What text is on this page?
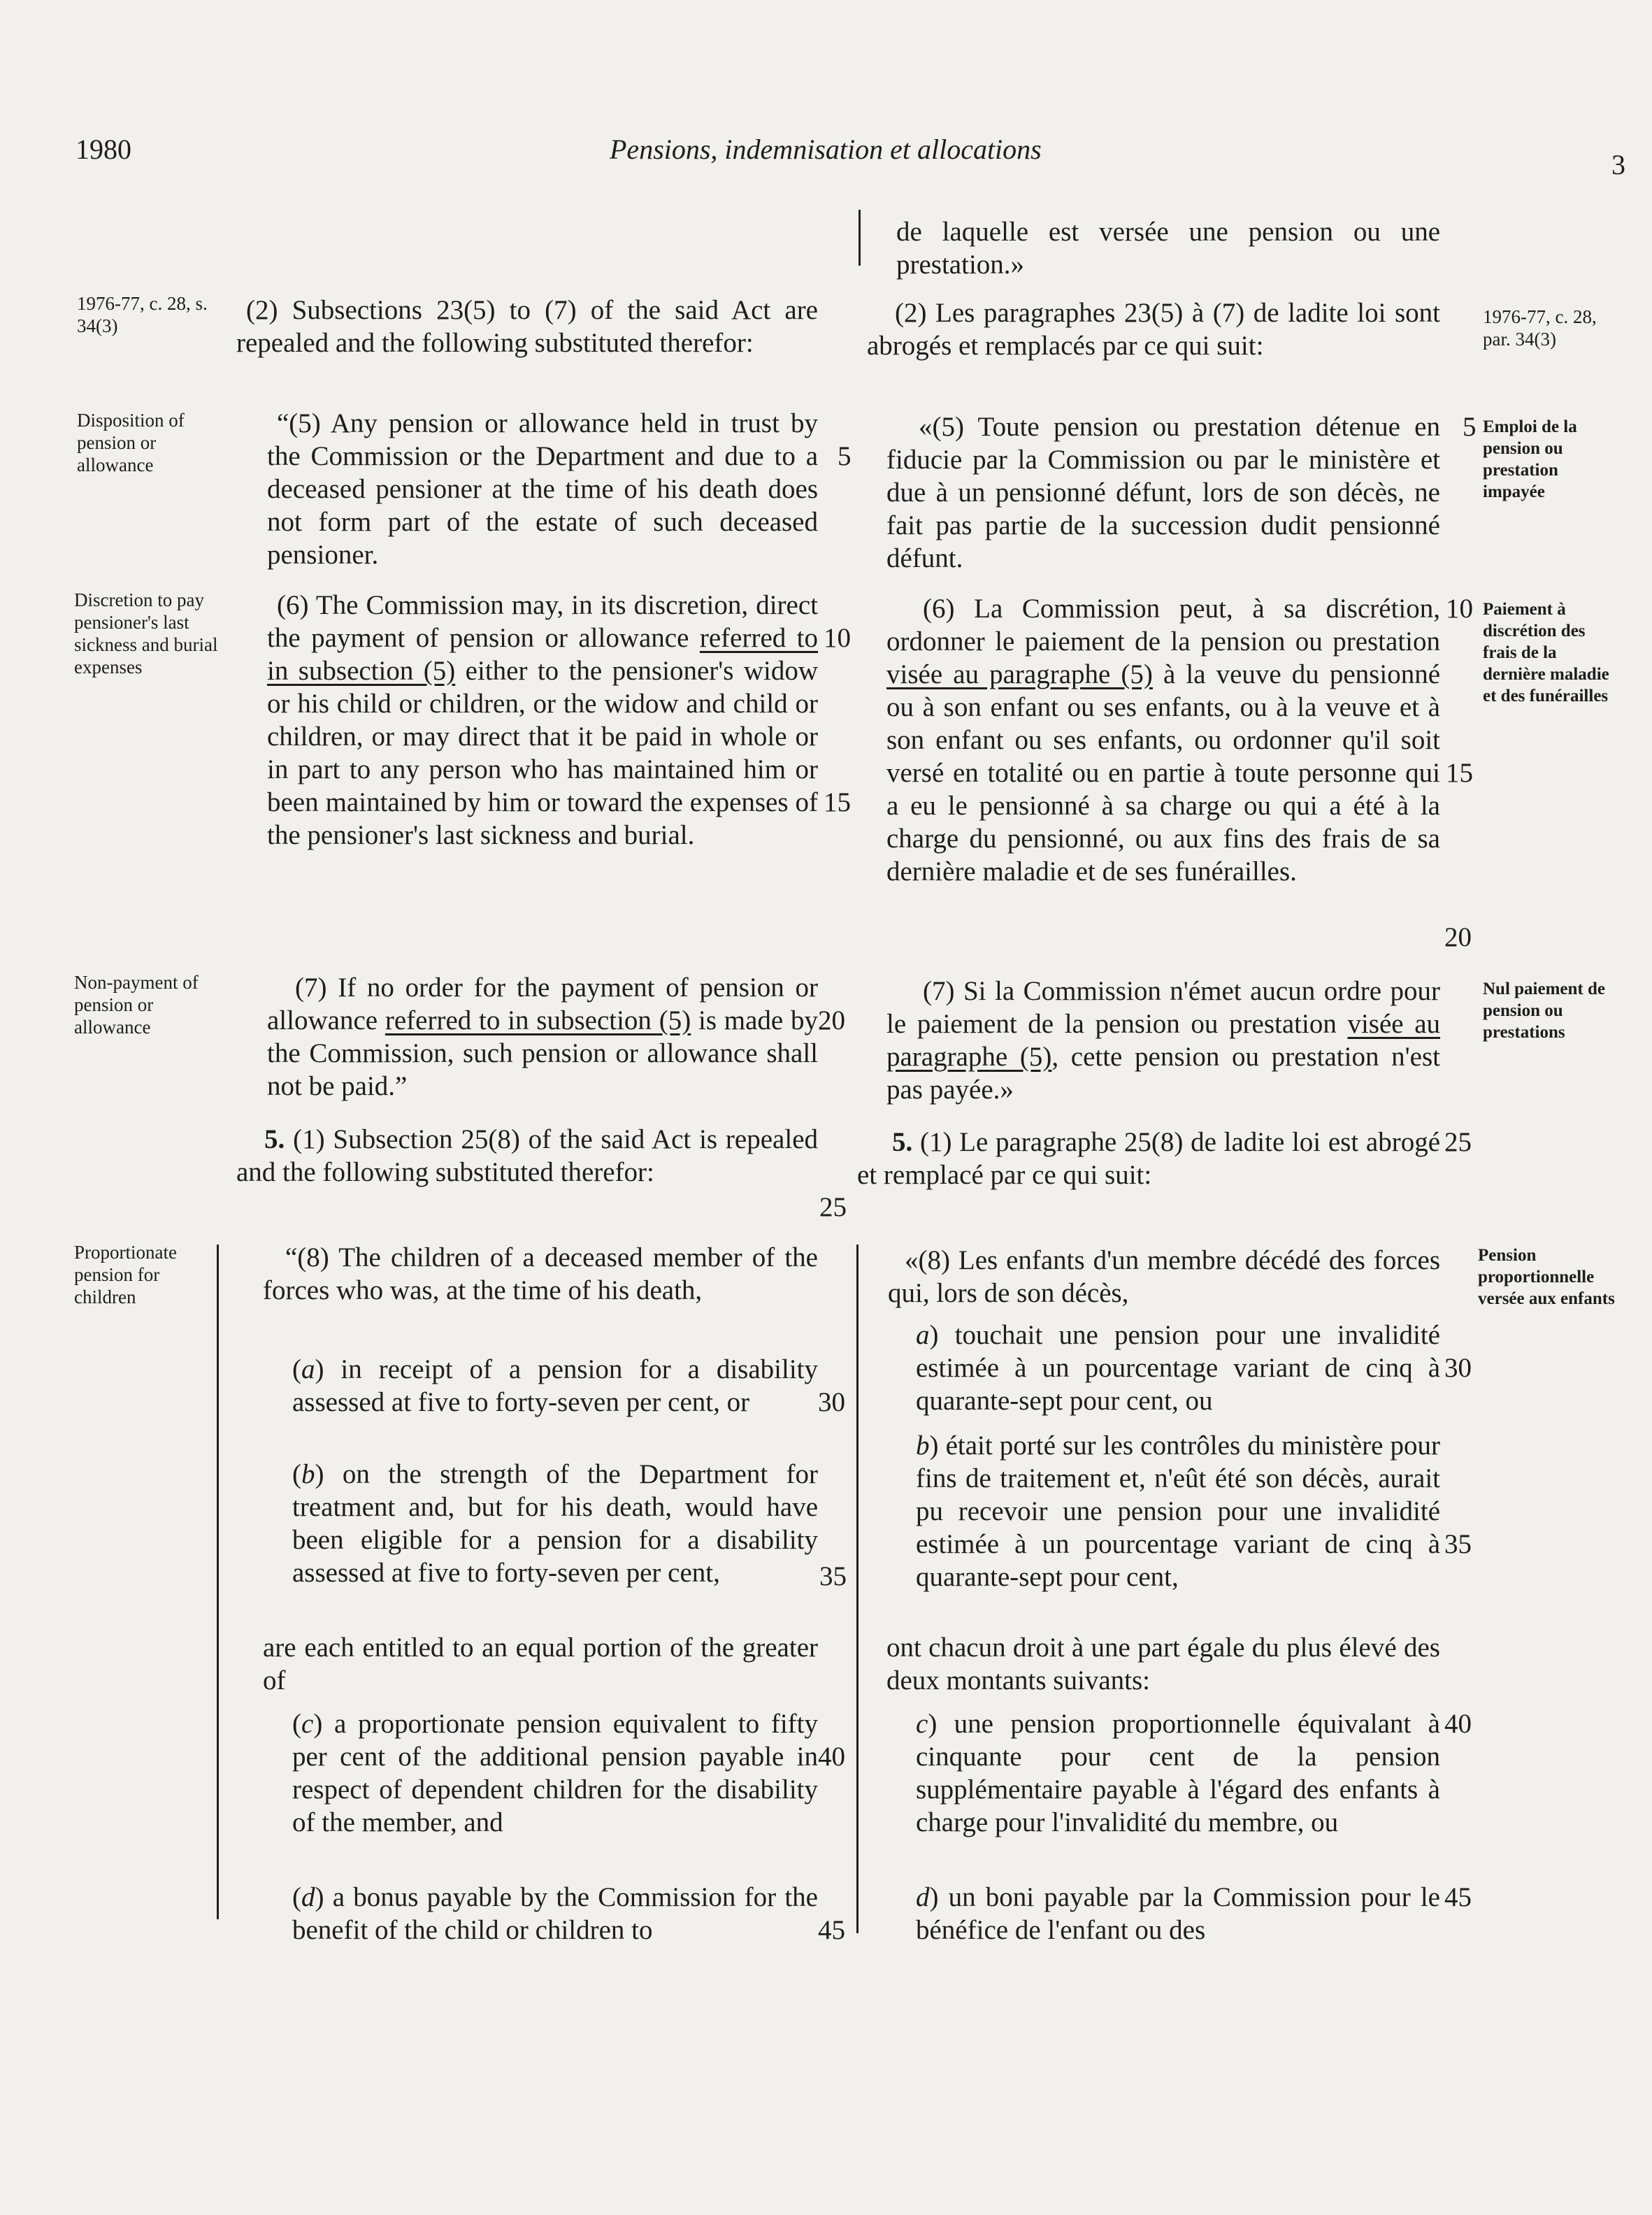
1980	Pensions, indemnisation et allocations	3
1976-77, c. 28, s. 34(3)
Disposition of pension or allowance
Discretion to pay pensioner's last sickness and burial expenses
Non-payment of pension or allowance
Proportionate pension for children
1976-77, c. 28, par. 34(3)
Emploi de la pension ou prestation impayée
Paiement à discrétion des frais de la dernière maladie et des funérailles
Nul paiement de pension ou prestations
Pension proportionnelle versée aux enfants

(2) Subsections 23(5) to (7) of the said Act are repealed and the following substituted therefor:

“(5) Any pension or allowance held in trust by the Commission or the Department and due to a deceased pensioner at the time of his death does not form part of the estate of such deceased pensioner.

(6) The Commission may, in its discretion, direct the payment of pension or allowance referred to in subsection (5) either to the pensioner's widow or his child or children, or the widow and child or children, or may direct that it be paid in whole or in part to any person who has maintained him or been maintained by him or toward the expenses of the pensioner's last sickness and burial.

(7) If no order for the payment of pension or allowance referred to in subsection (5) is made by the Commission, such pension or allowance shall not be paid.”

5. (1) Subsection 25(8) of the said Act is repealed and the following substituted therefor:

“(8) The children of a deceased member of the forces who was, at the time of his death,

(a) in receipt of a pension for a disability assessed at five to forty-seven per cent, or

(b) on the strength of the Department for treatment and, but for his death, would have been eligible for a pension for a disability assessed at five to forty-seven per cent,

are each entitled to an equal portion of the greater of

(c) a proportionate pension equivalent to fifty per cent of the additional pension payable in respect of dependent children for the disability of the member, and

(d) a bonus payable by the Commission for the benefit of the child or children to

5
10
15
20
25
30
35
40
45

de laquelle est versée une pension ou une prestation.»

(2) Les paragraphes 23(5) à (7) de ladite loi sont abrogés et remplacés par ce qui suit:

«(5) Toute pension ou prestation détenue en fiducie par la Commission ou par le ministère et due à un pensionné défunt, lors de son décès, ne fait pas partie de la succession dudit pensionné défunt.

(6) La Commission peut, à sa discrétion, ordonner le paiement de la pension ou prestation visée au paragraphe (5) à la veuve du pensionné ou à son enfant ou ses enfants, ou à la veuve et à son enfant ou ses enfants, ou ordonner qu'il soit versé en totalité ou en partie à toute personne qui a eu le pensionné à sa charge ou qui a été à la charge du pensionné, ou aux fins des frais de sa dernière maladie et de ses funérailles.

(7) Si la Commission n'émet aucun ordre pour le paiement de la pension ou prestation visée au paragraphe (5), cette pension ou prestation n'est pas payée.»

5. (1) Le paragraphe 25(8) de ladite loi est abrogé et remplacé par ce qui suit:

«(8) Les enfants d'un membre décédé des forces qui, lors de son décès,

a) touchait une pension pour une invalidité estimée à un pourcentage variant de cinq à quarante-sept pour cent, ou

b) était porté sur les contrôles du ministère pour fins de traitement et, n'eût été son décès, aurait pu recevoir une pension pour une invalidité estimée à un pourcentage variant de cinq à quarante-sept pour cent,

ont chacun droit à une part égale du plus élevé des deux montants suivants:

c) une pension proportionnelle équivalant à cinquante pour cent de la pension supplémentaire payable à l'égard des enfants à charge pour l'invalidité du membre, ou

d) un boni payable par la Commission pour le bénéfice de l'enfant ou des

5
10
15
20
25
30
35
40
45
